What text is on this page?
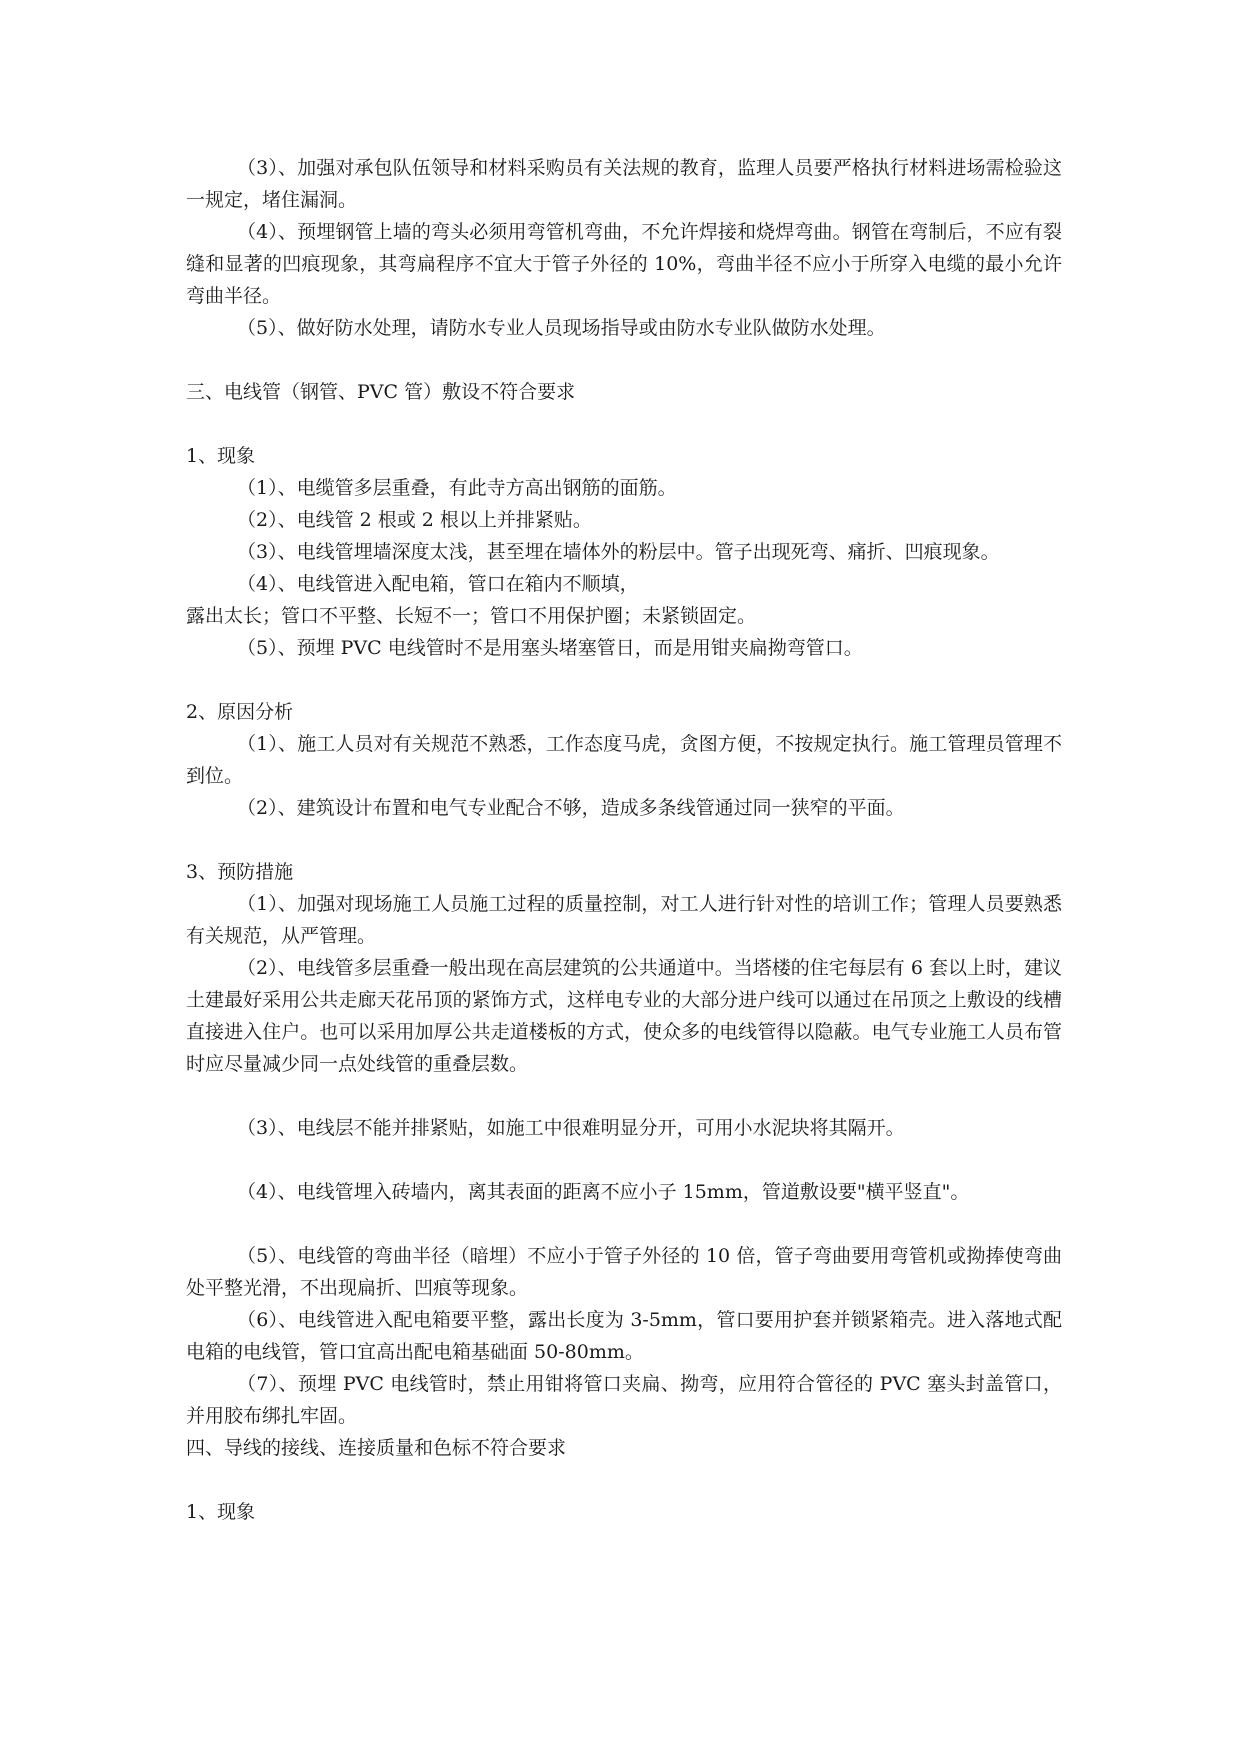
（3）、加强对承包队伍领导和材料采购员有关法规的教育，监理人员要严格执行材料进场需检验这一规定，堵住漏洞。

（4）、预埋钢管上墙的弯头必须用弯管机弯曲，不允许焊接和烧焊弯曲。钢管在弯制后，不应有裂缝和显著的凹痕现象，其弯扁程序不宜大于管子外径的 10%，弯曲半径不应小于所穿入电缆的最小允许弯曲半径。

（5）、做好防水处理，请防水专业人员现场指导或由防水专业队做防水处理。

三、电线管（钢管、PVC 管）敷设不符合要求

1、现象

（1）、电缆管多层重叠，有此寺方高出钢筋的面筋。

（2）、电线管 2 根或 2 根以上并排紧贴。

（3）、电线管埋墙深度太浅，甚至埋在墙体外的粉层中。管子出现死弯、痛折、凹痕现象。

（4）、电线管进入配电箱，管口在箱内不顺填，

露出太长；管口不平整、长短不一；管口不用保护圈；未紧锁固定。

（5）、预埋 PVC 电线管时不是用塞头堵塞管日，而是用钳夹扁拗弯管口。

2、原因分析

（1）、施工人员对有关规范不熟悉，工作态度马虎，贪图方便，不按规定执行。施工管理员管理不到位。

（2）、建筑设计布置和电气专业配合不够，造成多条线管通过同一狭窄的平面。

3、预防措施

（1）、加强对现场施工人员施工过程的质量控制，对工人进行针对性的培训工作；管理人员要熟悉有关规范，从严管理。

（2）、电线管多层重叠一般出现在高层建筑的公共通道中。当塔楼的住宅每层有 6 套以上时，建议土建最好采用公共走廊天花吊顶的紧饰方式，这样电专业的大部分进户线可以通过在吊顶之上敷设的线槽直接进入住户。也可以采用加厚公共走道楼板的方式，使众多的电线管得以隐蔽。电气专业施工人员布管时应尽量减少同一点处线管的重叠层数。

（3）、电线层不能并排紧贴，如施工中很难明显分开，可用小水泥块将其隔开。

（4）、电线管埋入砖墙内，离其表面的距离不应小子 15mm，管道敷设要"横平竖直"。

（5）、电线管的弯曲半径（暗埋）不应小于管子外径的 10 倍，管子弯曲要用弯管机或拗捧使弯曲处平整光滑，不出现扁折、凹痕等现象。

（6）、电线管进入配电箱要平整，露出长度为 3-5mm，管口要用护套并锁紧箱壳。进入落地式配电箱的电线管，管口宜高出配电箱基础面 50-80mm。

（7）、预埋 PVC 电线管时，禁止用钳将管口夹扁、拗弯，应用符合管径的 PVC 塞头封盖管口，并用胶布绑扎牢固。

四、导线的接线、连接质量和色标不符合要求

1、现象
